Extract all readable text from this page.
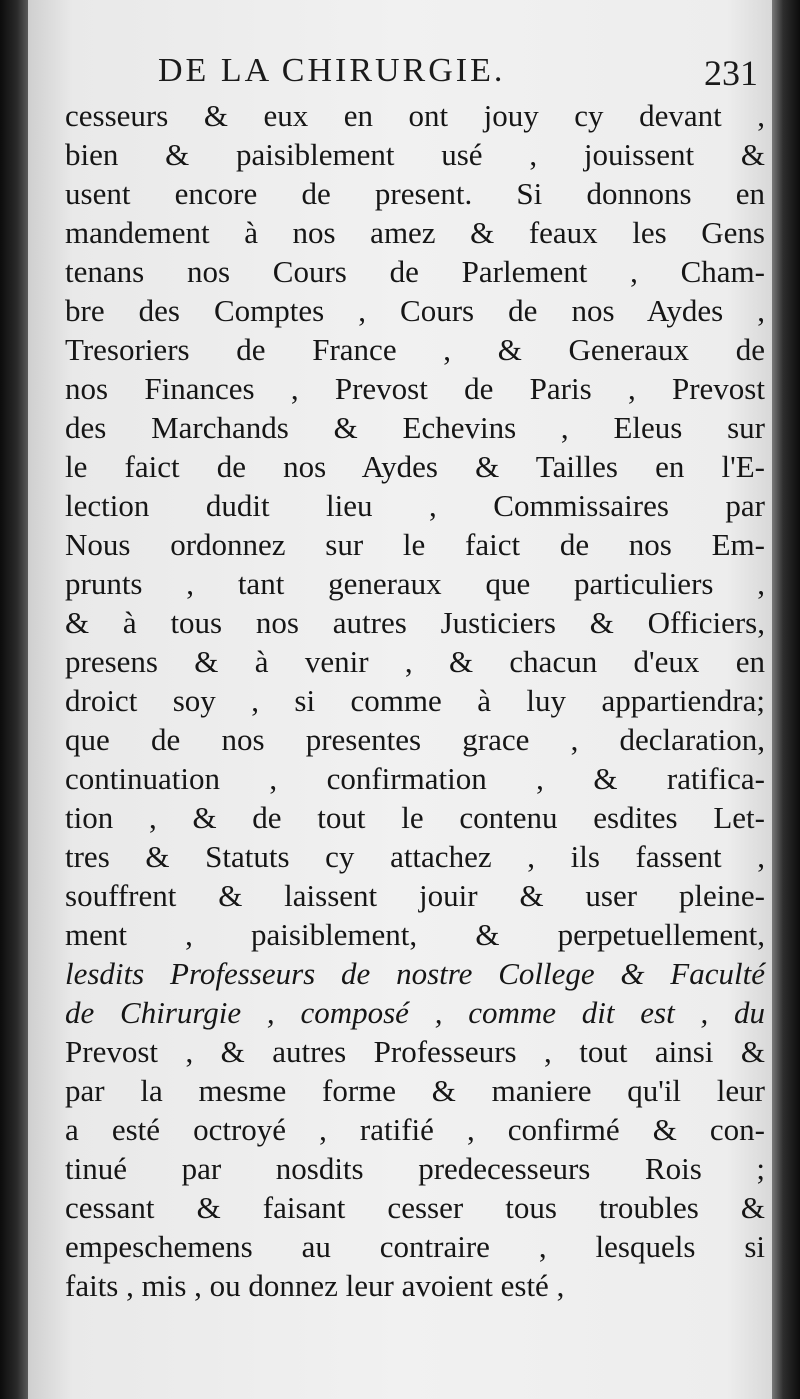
DE LA CHIRURGIE.	231
cesseurs & eux en ont jouy cy devant ,
bien & paisiblement usé , jouissent &
usent encore de present. Si donnons en
mandement à nos amez & feaux les Gens
tenans nos Cours de Parlement , Cham-
bre des Comptes , Cours de nos Aydes ,
Tresoriers de France , & Generaux de
nos Finances , Prevost de Paris , Prevost
des Marchands & Echevins , Eleus sur
le faict de nos Aydes & Tailles en l'E-
lection dudit lieu , Commissaires par
Nous ordonnez sur le faict de nos Em-
prunts , tant generaux que particuliers ,
& à tous nos autres Justiciers & Officiers,
presens & à venir , & chacun d'eux en
droict soy , si comme à luy appartiendra;
que de nos presentes grace , declaration,
continuation , confirmation , & ratifica-
tion , & de tout le contenu esdites Let-
tres & Statuts cy attachez , ils fassent ,
souffrent & laissent jouir & user pleine-
ment , paisiblement, & perpetuellement,
lesdits Professeurs de nostre College & Faculté
de Chirurgie , composé , comme dit est , du
Prevost , & autres Professeurs , tout ainsi &
par la mesme forme & maniere qu'il leur
a esté octroyé , ratifié , confirmé & con-
tinué par nosdits predecesseurs Rois ;
cessant & faisant cesser tous troubles &
empeschemens au contraire , lesquels si
faits , mis , ou donnez leur avoient esté ,
